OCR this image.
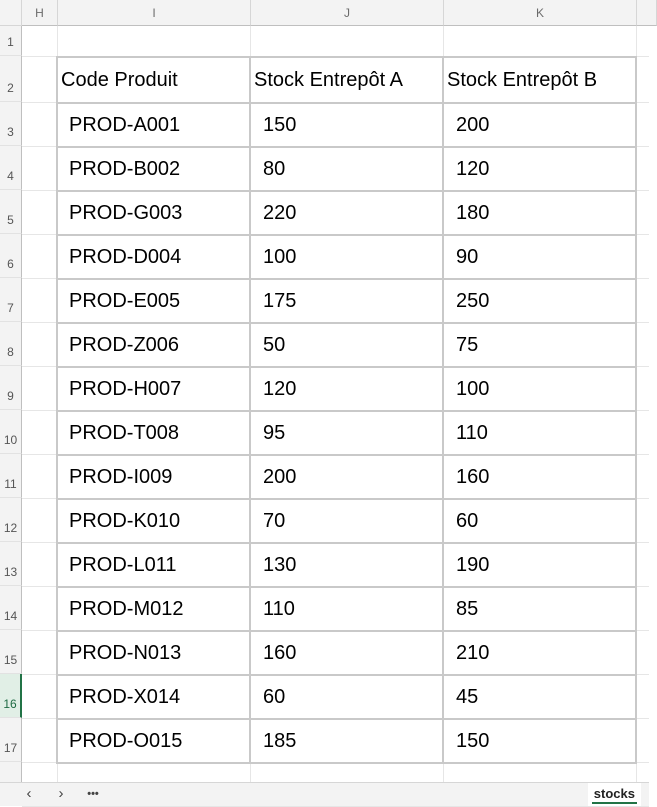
H	I	J	K
1
2
3
4
5
6
7
8
9
10
11
12
13
14
15
16
17
Code Produit	Stock Entrepôt A	Stock Entrepôt B
PROD-A001	150	200
PROD-B002	80	120
PROD-G003	220	180
PROD-D004	100	90
PROD-E005	175	250
PROD-Z006	50	75
PROD-H007	120	100
PROD-T008	95	110
PROD-I009	200	160
PROD-K010	70	60
PROD-L011	130	190
PROD-M012	110	85
PROD-N013	160	210
PROD-X014	60	45
PROD-O015	185	150
‹	›	•••	stocks
